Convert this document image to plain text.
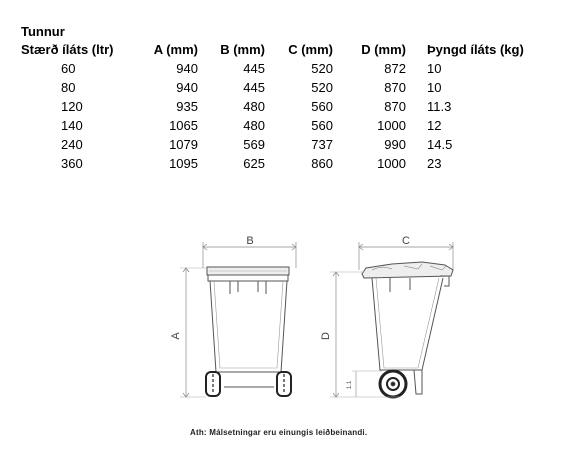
Tunnur
Stærð íláts (ltr)	A (mm)	B (mm)	C (mm)	D (mm)	Þyngd íláts (kg)
60	940	445	520	872	10
80	940	445	520	870	10
120	935	480	560	870	11.3
140	1065	480	560	1000	12
240	1079	569	737	990	14.5
360	1095	625	860	1000	23
B	C
A	D
1.1
Ath: Málsetningar eru einungis leiðbeinandi.
